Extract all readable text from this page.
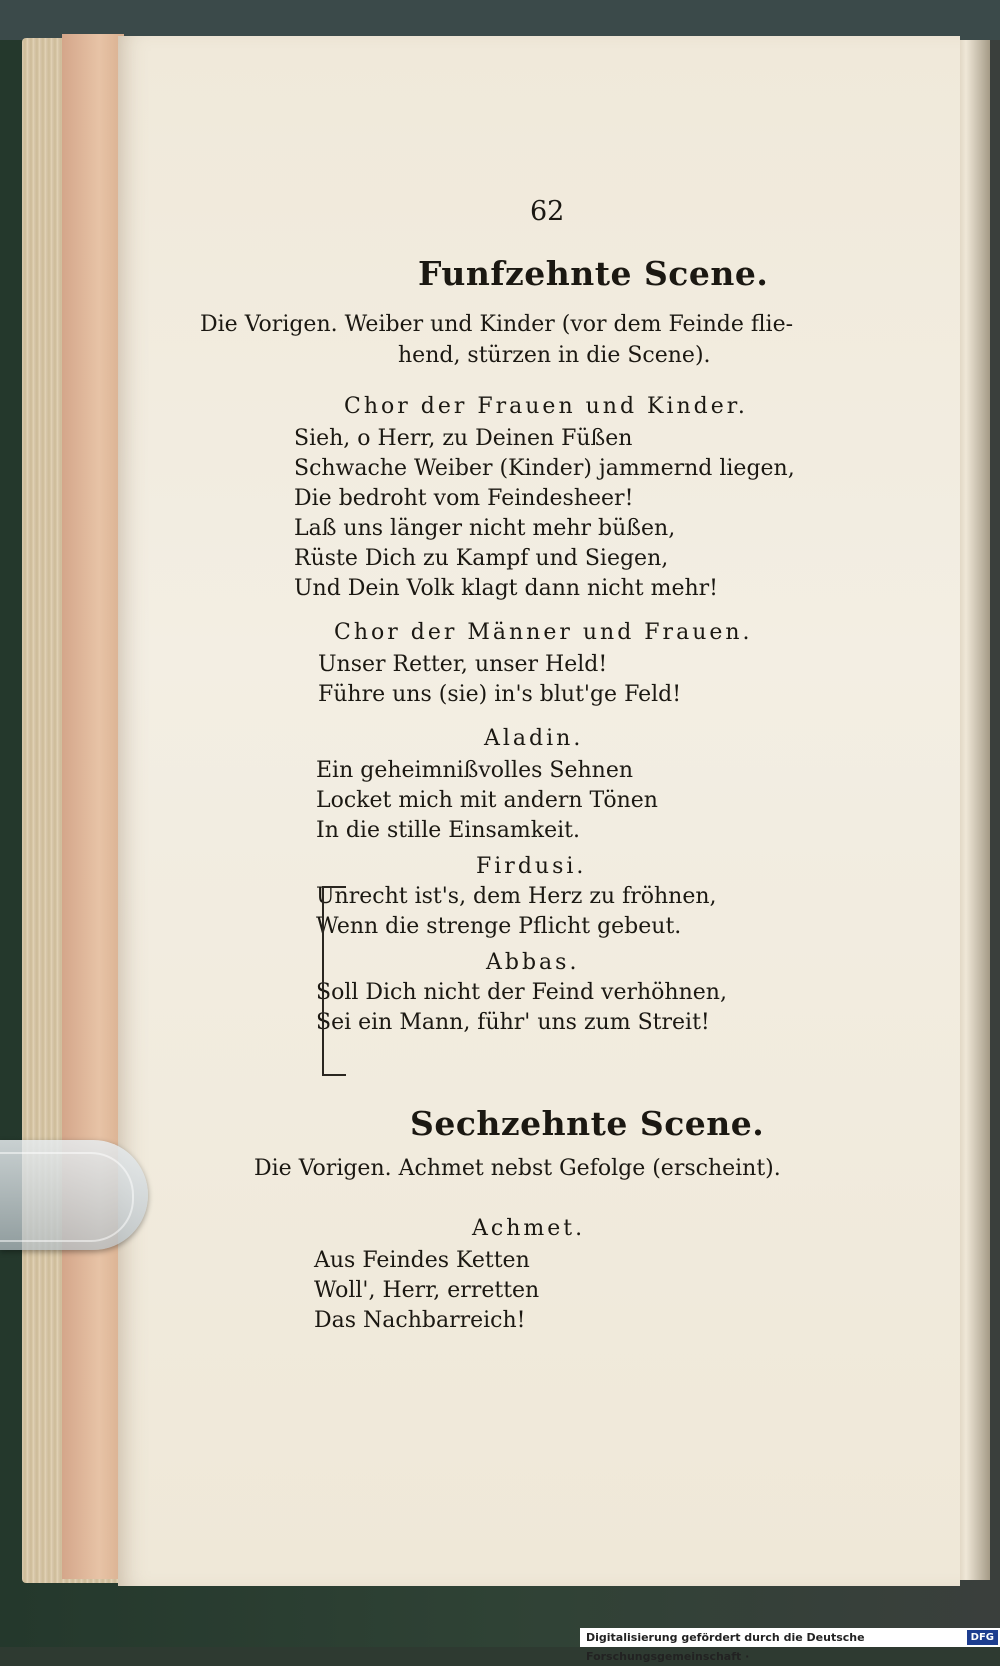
62
Funfzehnte Scene.
Die Vorigen. Weiber und Kinder (vor dem Feinde flie-
hend, stürzen in die Scene).
Chor der Frauen und Kinder.
Sieh, o Herr, zu Deinen Füßen
Schwache Weiber (Kinder) jammernd liegen,
Die bedroht vom Feindesheer!
Laß uns länger nicht mehr büßen,
Rüste Dich zu Kampf und Siegen,
Und Dein Volk klagt dann nicht mehr!
Chor der Männer und Frauen.
Unser Retter, unser Held!
Führe uns (sie) in's blut'ge Feld!
Aladin.
Ein geheimnißvolles Sehnen
Locket mich mit andern Tönen
In die stille Einsamkeit.
Firdusi.
Unrecht ist's, dem Herz zu fröhnen,
Wenn die strenge Pflicht gebeut.
Abbas.
Soll Dich nicht der Feind verhöhnen,
Sei ein Mann, führ' uns zum Streit!
Sechzehnte Scene.
Die Vorigen. Achmet nebst Gefolge (erscheint).
Achmet.
Aus Feindes Ketten
Woll', Herr, erretten
Das Nachbarreich!
Digitalisierung gefördert durch die Deutsche Forschungsgemeinschaft ·
DFG
